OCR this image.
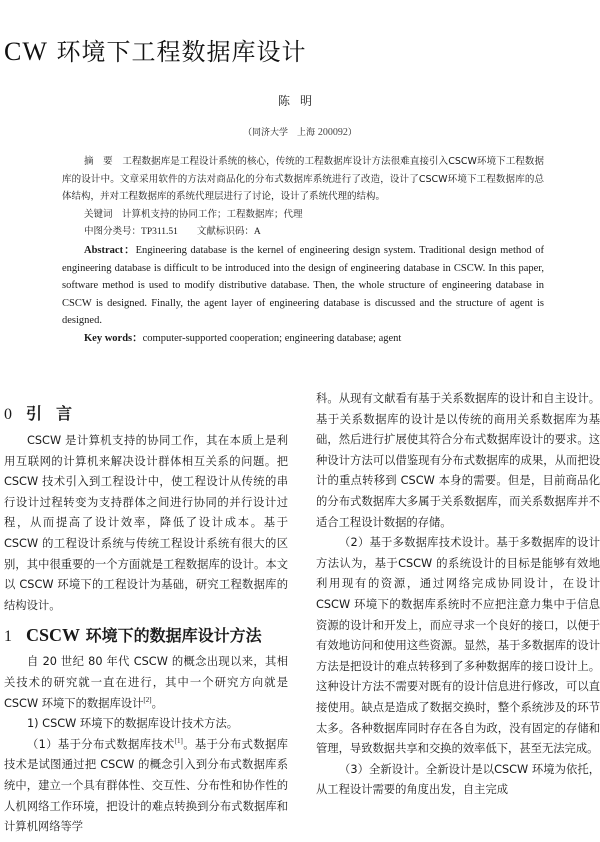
CW 环境下工程数据库设计
陈明
（同济大学　上海 200092）

摘　要　 工程数据库是工程设计系统的核心，传统的工程数据库设计方法很难直接引入CSCW环境下工程数据库的设计中。文章采用软件的方法对商品化的分布式数据库系统进行了改造，设计了CSCW环境下工程数据库的总体结构，并对工程数据库的系统代理层进行了讨论，设计了系统代理的结构。

关键词　 计算机支持的协同工作；工程数据库；代理

中图分类号：TP311.51　　 文献标识码：A

Abstract：Engineering database is the kernel of engineering design system. Traditional design method of engineering database is difficult to be introduced into the design of engineering database in CSCW. In this paper, software method is used to modify distributive database. Then, the whole structure of engineering database in CSCW is designed. Finally, the agent layer of engineering database is discussed and the structure of agent is designed.

Key words：computer-supported cooperation; engineering database; agent

0 引言

CSCW 是计算机支持的协同工作，其在本质上是利用互联网的计算机来解决设计群体相互关系的问题。把 CSCW 技术引入到工程设计中，使工程设计从传统的串行设计过程转变为支持群体之间进行协同的并行设计过程，从而提高了设计效率，降低了设计成本。基于 CSCW 的工程设计系统与传统工程设计系统有很大的区别，其中很重要的一个方面就是工程数据库的设计。本文以 CSCW 环境下的工程设计为基础，研究工程数据库的结构设计。

1 CSCW 环境下的数据库设计方法

自 20 世纪 80 年代 CSCW 的概念出现以来，其相关技术的研究就一直在进行，其中一个研究方向就是CSCW 环境下的数据库设计[2]。

1) CSCW 环境下的数据库设计技术方法。

（1）基于分布式数据库技术[1]。基于分布式数据库技术是试图通过把 CSCW 的概念引入到分布式数据库系统中，建立一个具有群体性、交互性、分布性和协作性的人机网络工作环境，把设计的难点转换到分布式数据库和计算机网络等学

科。从现有文献看有基于关系数据库的设计和自主设计。基于关系数据库的设计是以传统的商用关系数据库为基础，然后进行扩展使其符合分布式数据库设计的要求。这种设计方法可以借鉴现有分布式数据库的成果，从而把设计的重点转移到 CSCW 本身的需要。但是，目前商品化的分布式数据库大多属于关系数据库，而关系数据库并不适合工程设计数据的存储。

（2）基于多数据库技术设计。基于多数据库的设计方法认为，基于CSCW 的系统设计的目标是能够有效地利用现有的资源，通过网络完成协同设计，在设计 CSCW 环境下的数据库系统时不应把注意力集中于信息资源的设计和开发上，而应寻求一个良好的接口，以便于有效地访问和使用这些资源。显然，基于多数据库的设计方法是把设计的难点转移到了多种数据库的接口设计上。这种设计方法不需要对既有的设计信息进行修改，可以直接使用。缺点是造成了数据交换时，整个系统涉及的环节太多。各种数据库同时存在各自为政，没有固定的存储和管理，导致数据共享和交换的效率低下，甚至无法完成。

（3）全新设计。全新设计是以CSCW 环境为依托，从工程设计需要的角度出发，自主完成
